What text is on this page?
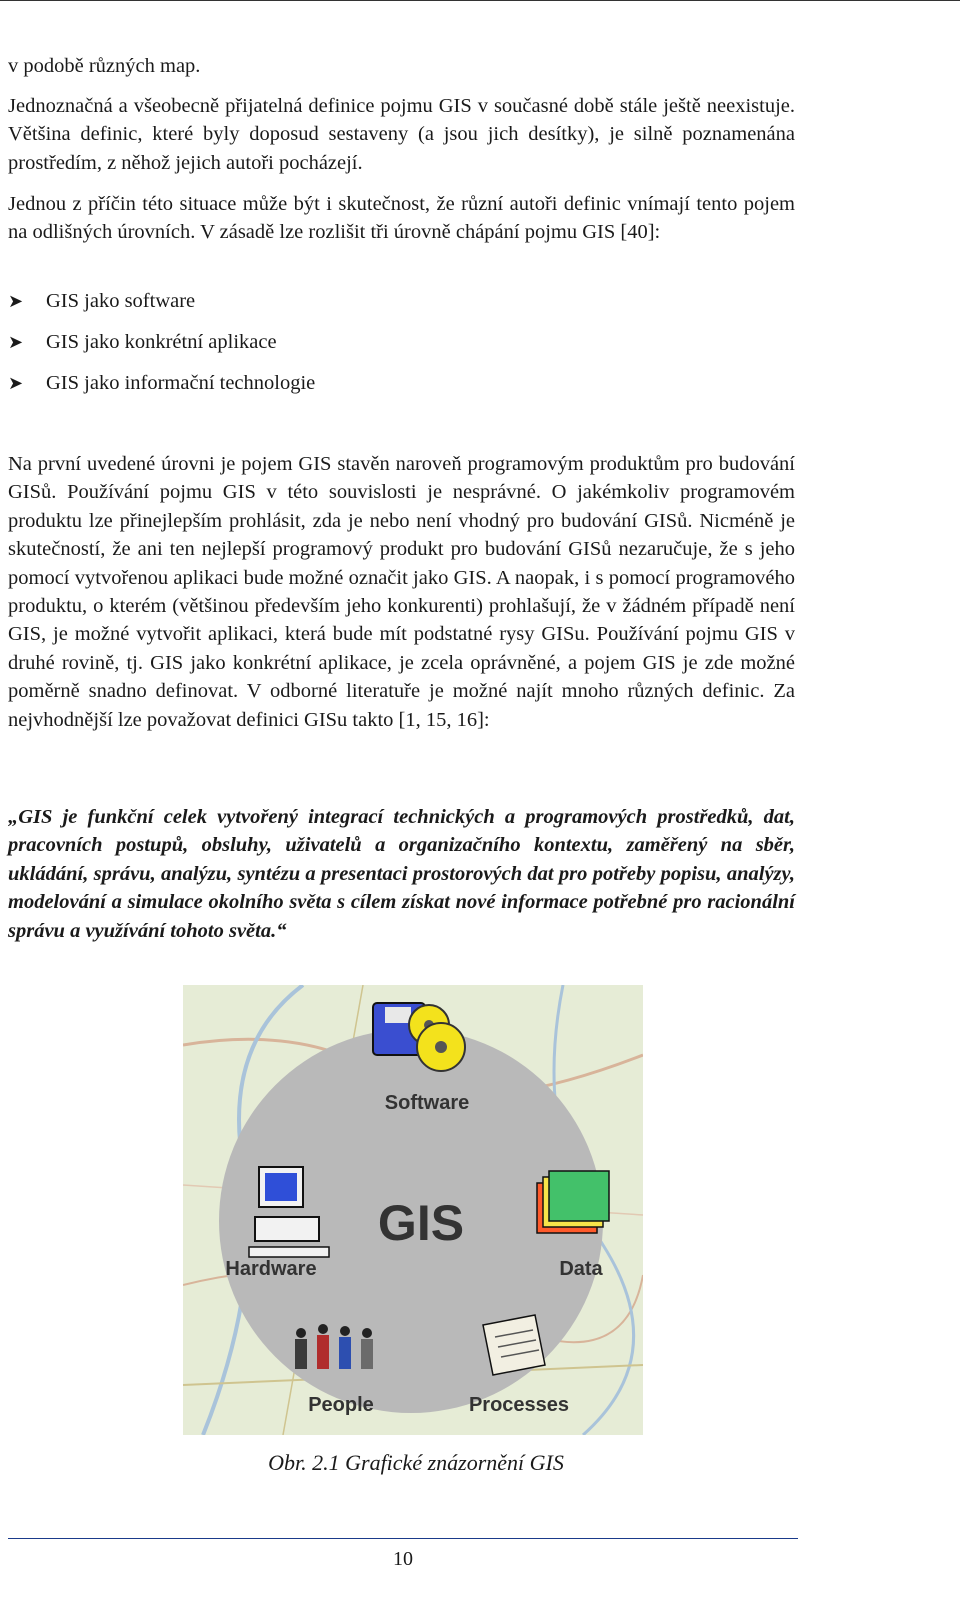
v podobě různých map.

Jednoznačná a všeobecně přijatelná definice pojmu GIS v současné době stále ještě neexistuje. Většina definic, které byly doposud sestaveny (a jsou jich desítky), je silně poznamenána prostředím, z něhož jejich autoři pocházejí.

Jednou z příčin této situace může být i skutečnost, že různí autoři definic vnímají tento pojem na odlišných úrovních. V zásadě lze rozlišit tři úrovně chápání pojmu GIS [40]:

➤	GIS jako software
➤	GIS jako konkrétní aplikace
➤	GIS jako informační technologie

Na první uvedené úrovni je pojem GIS stavěn naroveň programovým produktům pro budování GISů. Používání pojmu GIS v této souvislosti je nesprávné. O jakémkoliv programovém produktu lze přinejlepším prohlásit, zda je nebo není vhodný pro budování GISů. Nicméně je skutečností, že ani ten nejlepší programový produkt pro budování GISů nezaručuje, že s jeho pomocí vytvořenou aplikaci bude možné označit jako GIS. A naopak, i s pomocí programového produktu, o kterém (většinou především jeho konkurenti) prohlašují, že v žádném případě není GIS, je možné vytvořit aplikaci, která bude mít podstatné rysy GISu. Používání pojmu GIS v druhé rovině, tj. GIS jako konkrétní aplikace, je zcela oprávněné, a pojem GIS je zde možné poměrně snadno definovat. V odborné literatuře je možné najít mnoho různých definic. Za nejvhodnější lze považovat definici GISu takto [1, 15, 16]:

„GIS je funkční celek vytvořený integrací technických a programových prostředků, dat, pracovních postupů, obsluhy, uživatelů a organizačního kontextu, zaměřený na sběr, ukládání, správu, analýzu, syntézu a presentaci prostorových dat pro potřeby popisu, analýzy, modelování a simulace okolního světa s cílem získat nové informace potřebné pro racionální správu a využívání tohoto světa.“

Software
GIS
Hardware	Data
People	Processes
Obr. 2.1 Grafické znázornění GIS
10
